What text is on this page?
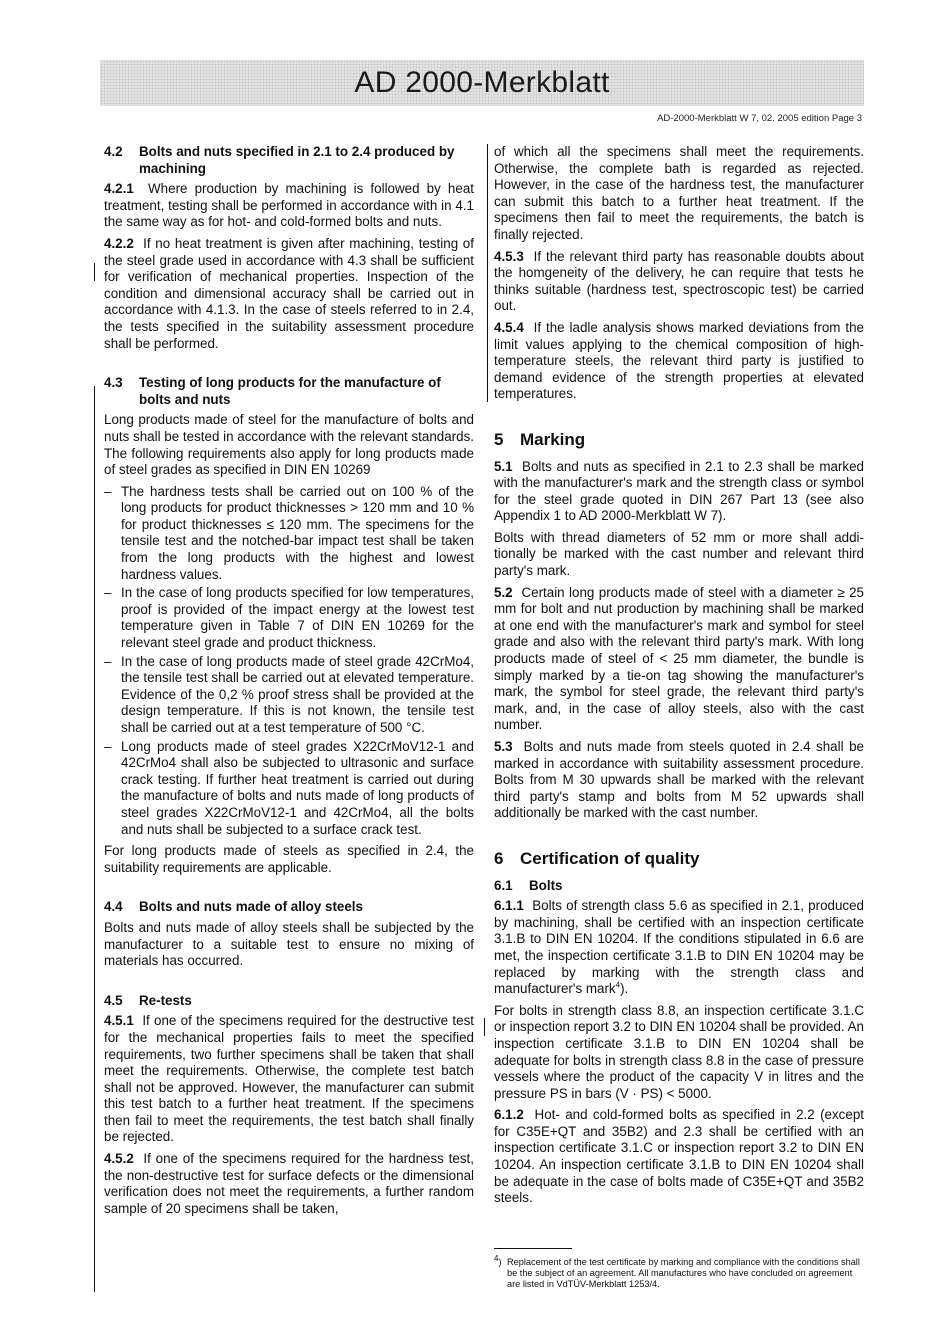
AD 2000-Merkblatt
AD-2000-Merkblatt W 7, 02. 2005 edition Page 3
4.2	Bolts and nuts specified in 2.1 to 2.4 produced by machining

4.2.1 Where production by machining is followed by heat treatment, testing shall be performed in accordance with in 4.1 the same way as for hot- and cold-formed bolts and nuts.

4.2.2 If no heat treatment is given after machining, testing of the steel grade used in accordance with 4.3 shall be sufficient for verification of mechanical properties. Inspection of the condition and dimensional accuracy shall be carried out in accordance with 4.1.3. In the case of steels referred to in 2.4, the tests specified in the suitability assessment procedure shall be performed.

4.3	Testing of long products for the manufacture of bolts and nuts

Long products made of steel for the manufacture of bolts and nuts shall be tested in accordance with the relevant standards. The following requirements also apply for long products made of steel grades as specified in DIN EN 10269

– The hardness tests shall be carried out on 100 % of the long products for product thicknesses > 120 mm and 10 % for product thicknesses ≤ 120 mm. The specimens for the tensile test and the notched-bar impact test shall be taken from the long products with the highest and lowest hardness values.
– In the case of long products specified for low temperatures, proof is provided of the impact energy at the lowest test temperature given in Table 7 of DIN EN 10269 for the relevant steel grade and product thickness.
– In the case of long products made of steel grade 42CrMo4, the tensile test shall be carried out at elevated temperature. Evidence of the 0,2 % proof stress shall be provided at the design temperature. If this is not known, the tensile test shall be carried out at a test temperature of 500 °C.
– Long products made of steel grades X22CrMoV12-1 and 42CrMo4 shall also be subjected to ultrasonic and surface crack testing. If further heat treatment is carried out during the manufacture of bolts and nuts made of long products of steel grades X22CrMoV12-1 and 42CrMo4, all the bolts and nuts shall be subjected to a surface crack test.

For long products made of steels as specified in 2.4, the suitability requirements are applicable.

4.4	Bolts and nuts made of alloy steels

Bolts and nuts made of alloy steels shall be subjected by the manufacturer to a suitable test to ensure no mixing of materials has occurred.

4.5	Re-tests

4.5.1 If one of the specimens required for the destructive test for the mechanical properties fails to meet the specified requirements, two further specimens shall be taken that shall meet the requirements. Otherwise, the complete test batch shall not be approved. However, the manufacturer can submit this test batch to a further heat treatment. If the specimens then fail to meet the requirements, the test batch shall finally be rejected.

4.5.2 If one of the specimens required for the hardness test, the non-destructive test for surface defects or the dimensional verification does not meet the requirements, a further random sample of 20 specimens shall be taken,

of which all the specimens shall meet the requirements. Otherwise, the complete bath is regarded as rejected. However, in the case of the hardness test, the manufacturer can submit this batch to a further heat treatment. If the specimens then fail to meet the requirements, the batch is finally rejected.

4.5.3 If the relevant third party has reasonable doubts about the homgeneity of the delivery, he can require that tests he thinks suitable (hardness test, spectroscopic test) be carried out.

4.5.4 If the ladle analysis shows marked deviations from the limit values applying to the chemical composition of high-temperature steels, the relevant third party is justified to demand evidence of the strength properties at elevated temperatures.

5 Marking

5.1 Bolts and nuts as specified in 2.1 to 2.3 shall be marked with the manufacturer's mark and the strength class or symbol for the steel grade quoted in DIN 267 Part 13 (see also Appendix 1 to AD 2000-Merkblatt W 7).

Bolts with thread diameters of 52 mm or more shall additionally be marked with the cast number and relevant third party's mark.

5.2 Certain long products made of steel with a diameter ≥ 25 mm for bolt and nut production by machining shall be marked at one end with the manufacturer's mark and symbol for steel grade and also with the relevant third party's mark. With long products made of steel of < 25 mm diameter, the bundle is simply marked by a tie-on tag showing the manufacturer's mark, the symbol for steel grade, the relevant third party's mark, and, in the case of alloy steels, also with the cast number.

5.3 Bolts and nuts made from steels quoted in 2.4 shall be marked in accordance with suitability assessment procedure. Bolts from M 30 upwards shall be marked with the relevant third party's stamp and bolts from M 52 upwards shall additionally be marked with the cast number.

6 Certification of quality
6.1	Bolts

6.1.1 Bolts of strength class 5.6 as specified in 2.1, produced by machining, shall be certified with an inspection certificate 3.1.B to DIN EN 10204. If the conditions stipulated in 6.6 are met, the inspection certificate 3.1.B to DIN EN 10204 may be replaced by marking with the strength class and manufacturer's mark$^4$).

For bolts in strength class 8.8, an inspection certificate 3.1.C or inspection report 3.2 to DIN EN 10204 shall be provided. An inspection certificate 3.1.B to DIN EN 10204 shall be adequate for bolts in strength class 8.8 in the case of pressure vessels where the product of the capacity V in litres and the pressure PS in bars (V · PS) < 5000.

6.1.2 Hot- and cold-formed bolts as specified in 2.2 (except for C35E+QT and 35B2) and 2.3 shall be certified with an inspection certificate 3.1.C or inspection report 3.2 to DIN EN 10204. An inspection certificate 3.1.B to DIN EN 10204 shall be adequate in the case of bolts made of C35E+QT and 35B2 steels.

$^4$) Replacement of the test certificate by marking and compliance with the conditions shall be the subject of an agreement. All manufactures who have concluded on agreement are listed in VdTÜV-Merkblatt 1253/4.
